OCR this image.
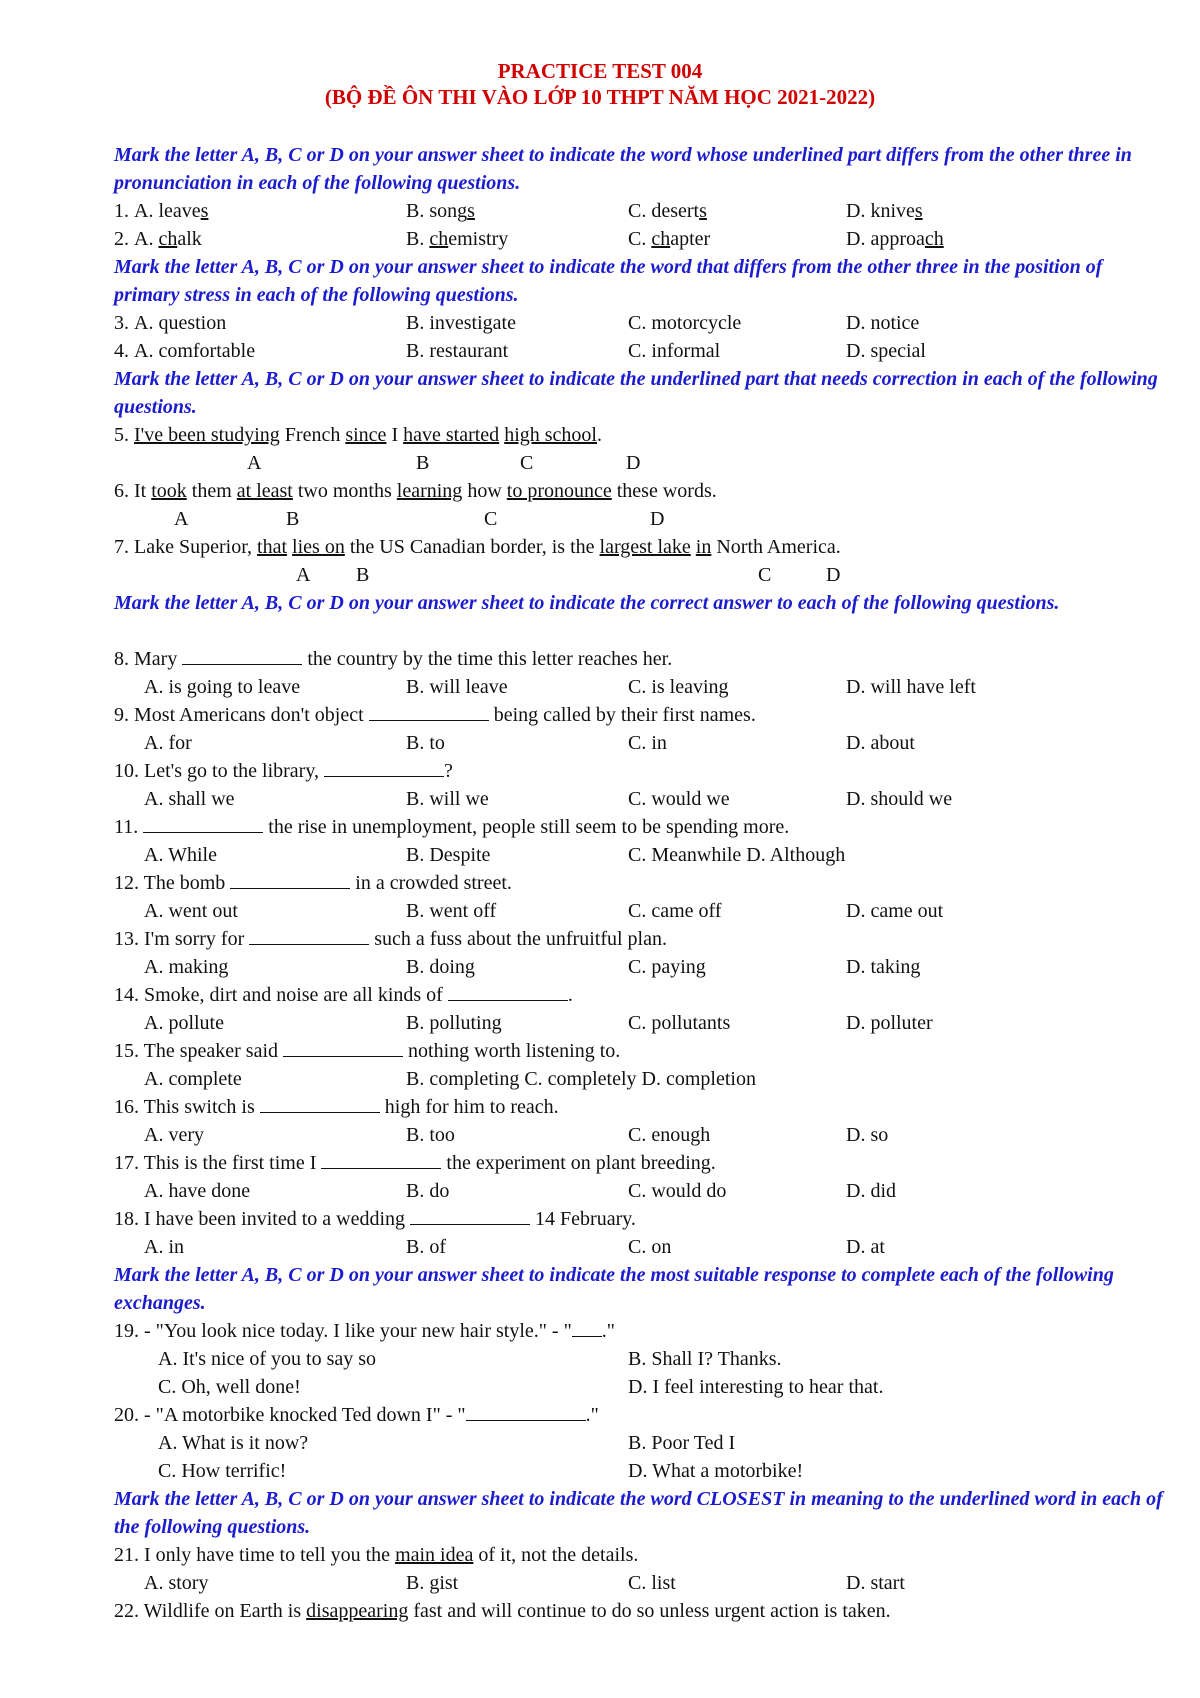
PRACTICE TEST 004
(BỘ ĐỀ ÔN THI VÀO LỚP 10 THPT NĂM HỌC 2021-2022)
Mark the letter A, B, C or D on your answer sheet to indicate the word whose underlined part differs from the other three in pronunciation in each of the following questions.
1. A. leaves	B. songs	C. deserts	D. knives
2. A. chalk	B. chemistry	C. chapter	D. approach
Mark the letter A, B, C or D on your answer sheet to indicate the word that differs from the other three in the position of primary stress in each of the following questions.
3. A. question	B. investigate	C. motorcycle	D. notice
4. A. comfortable	B. restaurant	C. informal	D. special
Mark the letter A, B, C or D on your answer sheet to indicate the underlined part that needs correction in each of the following questions.
5. I've been studying French since I have started high school.
A	B	C	D
6. It took them at least two months learning how to pronounce these words.
A	B	C	D
7. Lake Superior, that lies on the US Canadian border, is the largest lake in North America.
A B	C	D
Mark the letter A, B, C or D on your answer sheet to indicate the correct answer to each of the following questions.
8. Mary	the country by the time this letter reaches her.
A. is going to leave	B. will leave	C. is leaving	D. will have left
9. Most Americans don't object	being called by their first names.
A. for	B. to	C. in	D. about
10. Let's go to the library,	?
A. shall we	B. will we	C. would we	D. should we
11.	the rise in unemployment, people still seem to be spending more.
A. While	B. Despite	C. Meanwhile D. Although
12. The bomb	in a crowded street.
A. went out	B. went off	C. came off	D. came out
13. I'm sorry for	such a fuss about the unfruitful plan.
A. making	B. doing	C. paying	D. taking
14. Smoke, dirt and noise are all kinds of	.
A. pollute	B. polluting	C. pollutants	D. polluter
15. The speaker said	nothing worth listening to.
A. complete	B. completing C. completely D. completion
16. This switch is	high for him to reach.
A. very	B. too	C. enough	D. so
17. This is the first time I	the experiment on plant breeding.
A. have done	B. do	C. would do	D. did
18. I have been invited to a wedding	14 February.
A. in	B. of	C. on	D. at
Mark the letter A, B, C or D on your answer sheet to indicate the most suitable response to complete each of the following exchanges.
19. - "You look nice today. I like your new hair style." - " ."
A. It's nice of you to say so	B. Shall I? Thanks.
C. Oh, well done!	D. I feel interesting to hear that.
20. - "A motorbike knocked Ted down I" - "	."
A. What is it now?	B. Poor Ted I
C. How terrific!	D. What a motorbike!
Mark the letter A, B, C or D on your answer sheet to indicate the word CLOSEST in meaning to the underlined word in each of the following questions.
21. I only have time to tell you the main idea of it, not the details.
A. story	B. gist	C. list	D. start
22. Wildlife on Earth is disappearing fast and will continue to do so unless urgent action is taken.
